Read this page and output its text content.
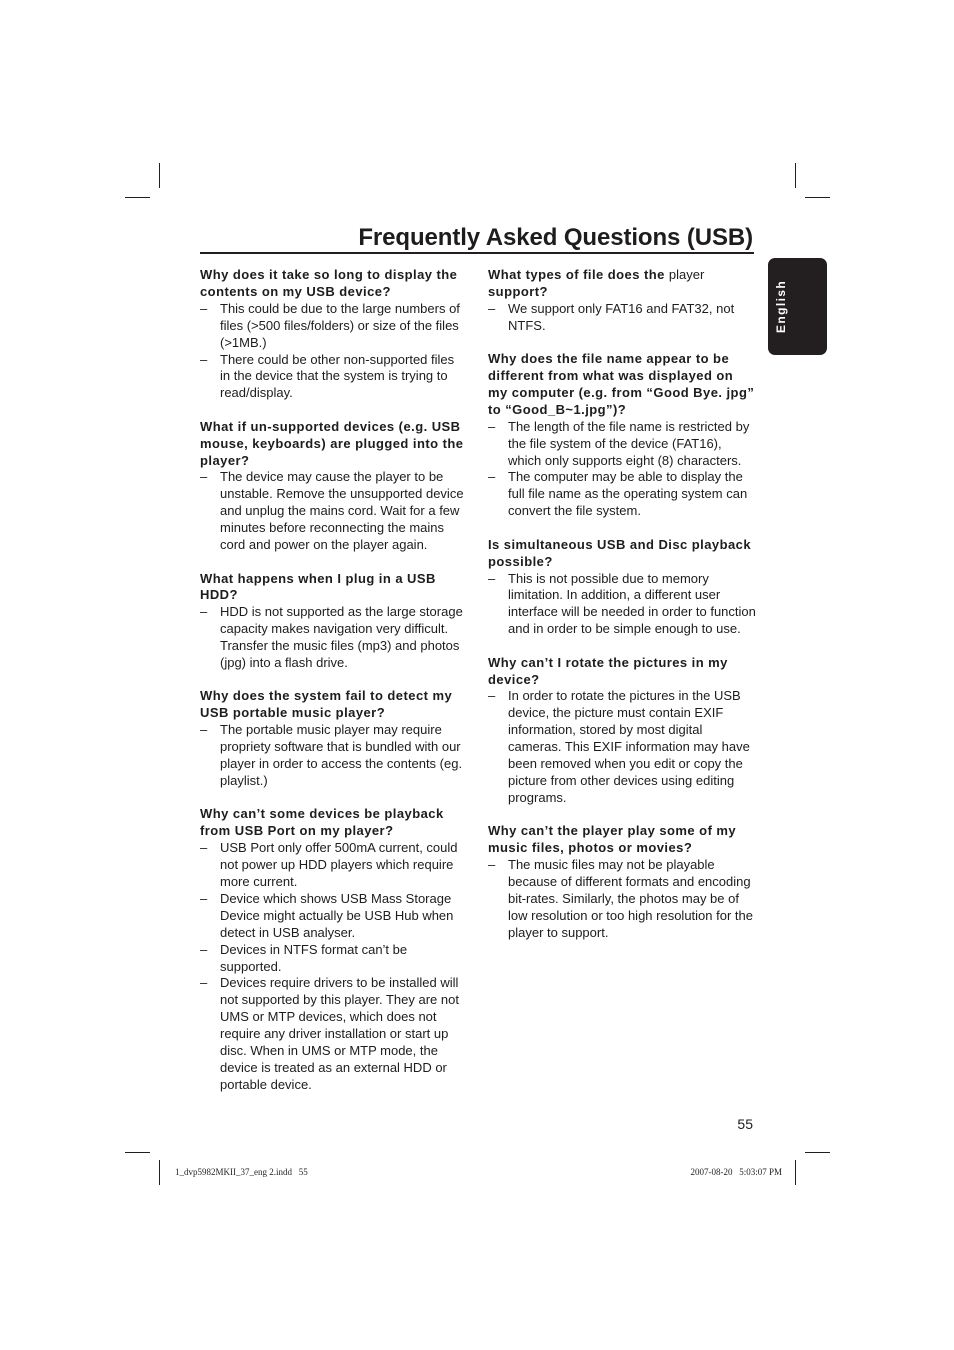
Frequently Asked Questions (USB)
English
Why does it take so long to display the contents on my USB device?
– This could be due to the large numbers of files (>500 files/folders) or size of the files (>1MB.)
– There could be other non-supported files in the device that the system is trying to read/display.
What if un-supported devices (e.g. USB mouse, keyboards) are plugged into the player?
– The device may cause the player to be unstable. Remove the unsupported device and unplug the mains cord. Wait for a few minutes before reconnecting the mains cord and power on the player again.
What happens when I plug in a USB HDD?
– HDD is not supported as the large storage capacity makes navigation very difficult. Transfer the music files (mp3) and photos (jpg) into a flash drive.
Why does the system fail to detect my USB portable music player?
– The portable music player may require propriety software that is bundled with our player in order to access the contents (eg. playlist.)
Why can’t some devices be playback from USB Port on my player?
– USB Port only offer 500mA current, could not power up HDD players which require more current.
– Device which shows USB Mass Storage Device might actually be USB Hub when detect in USB analyser.
– Devices in NTFS format can’t be supported.
– Devices require drivers to be installed will not supported by this player. They are not UMS or MTP devices, which does not require any driver installation or start up disc. When in UMS or MTP mode, the device is treated as an external HDD or portable device.
What types of file does the player support?
– We support only FAT16 and FAT32, not NTFS.
Why does the file name appear to be different from what was displayed on my computer (e.g. from “Good Bye. jpg” to “Good_B~1.jpg”)?
– The length of the file name is restricted by the file system of the device (FAT16), which only supports eight (8) characters.
– The computer may be able to display the full file name as the operating system can convert the file system.
Is simultaneous USB and Disc playback possible?
– This is not possible due to memory limitation. In addition, a different user interface will be needed in order to function and in order to be simple enough to use.
Why can’t I rotate the pictures in my device?
– In order to rotate the pictures in the USB device, the picture must contain EXIF information, stored by most digital cameras. This EXIF information may have been removed when you edit or copy the picture from other devices using editing programs.
Why can’t the player play some of my music files, photos or movies?
– The music files may not be playable because of different formats and encoding bit-rates. Similarly, the photos may be of low resolution or too high resolution for the player to support.
55
1_dvp5982MKII_37_eng 2.indd   55	2007-08-20   5:03:07 PM
